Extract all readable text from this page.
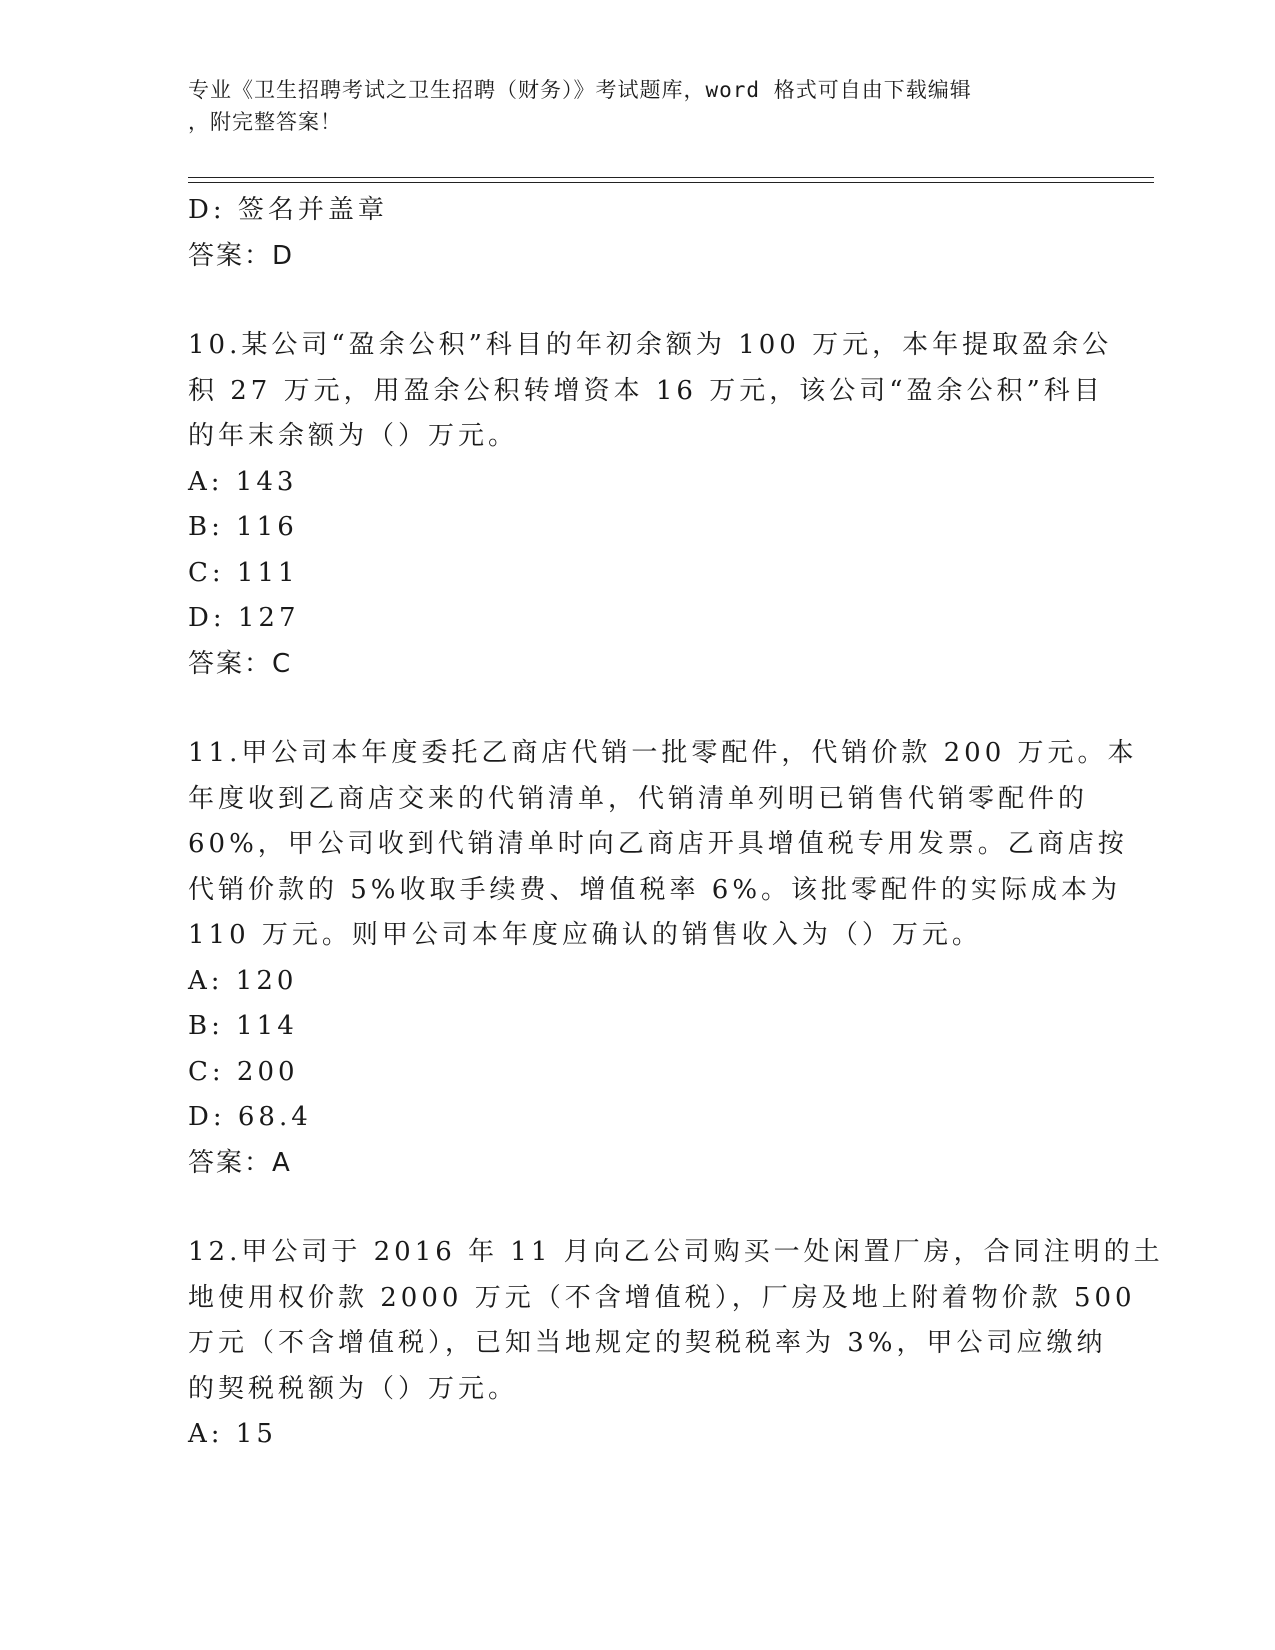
专业《卫生招聘考试之卫生招聘（财务）》考试题库，word 格式可自由下载编辑
，附完整答案！
D: 签名并盖章
答案：D
10.某公司“盈余公积”科目的年初余额为 100 万元，本年提取盈余公
积 27 万元，用盈余公积转增资本 16 万元，该公司“盈余公积”科目
的年末余额为（）万元。
A: 143
B: 116
C: 111
D: 127
答案：C
11.甲公司本年度委托乙商店代销一批零配件，代销价款 200 万元。本
年度收到乙商店交来的代销清单，代销清单列明已销售代销零配件的
60%，甲公司收到代销清单时向乙商店开具增值税专用发票。乙商店按
代销价款的 5%收取手续费、增值税率 6%。该批零配件的实际成本为
110 万元。则甲公司本年度应确认的销售收入为（）万元。
A: 120
B: 114
C: 200
D: 68.4
答案：A
12.甲公司于 2016 年 11 月向乙公司购买一处闲置厂房，合同注明的土
地使用权价款 2000 万元（不含增值税），厂房及地上附着物价款 500
万元（不含增值税），已知当地规定的契税税率为 3%，甲公司应缴纳
的契税税额为（）万元。
A: 15
